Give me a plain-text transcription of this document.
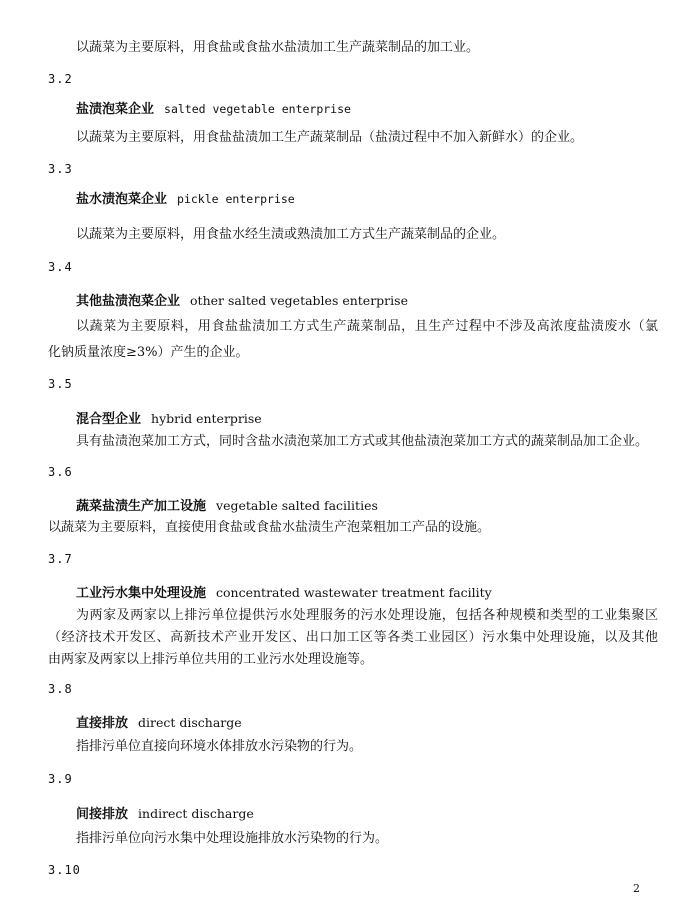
以蔬菜为主要原料，用食盐或食盐水盐渍加工生产蔬菜制品的加工业。
3.2
盐渍泡菜企业 salted vegetable enterprise
以蔬菜为主要原料，用食盐盐渍加工生产蔬菜制品（盐渍过程中不加入新鲜水）的企业。
3.3
盐水渍泡菜企业 pickle enterprise
以蔬菜为主要原料，用食盐水经生渍或熟渍加工方式生产蔬菜制品的企业。
3.4
其他盐渍泡菜企业 other salted vegetables enterprise
以蔬菜为主要原料，用食盐盐渍加工方式生产蔬菜制品，且生产过程中不涉及高浓度盐渍废水（氯
化钠质量浓度≥3%）产生的企业。
3.5
混合型企业 hybrid enterprise
具有盐渍泡菜加工方式，同时含盐水渍泡菜加工方式或其他盐渍泡菜加工方式的蔬菜制品加工企业。
3.6
蔬菜盐渍生产加工设施 vegetable salted facilities
以蔬菜为主要原料，直接使用食盐或食盐水盐渍生产泡菜粗加工产品的设施。
3.7
工业污水集中处理设施 concentrated wastewater treatment facility
为两家及两家以上排污单位提供污水处理服务的污水处理设施，包括各种规模和类型的工业集聚区
（经济技术开发区、高新技术产业开发区、出口加工区等各类工业园区）污水集中处理设施，以及其他
由两家及两家以上排污单位共用的工业污水处理设施等。
3.8
直接排放 direct discharge
指排污单位直接向环境水体排放水污染物的行为。
3.9
间接排放 indirect discharge
指排污单位向污水集中处理设施排放水污染物的行为。
3.10
2
